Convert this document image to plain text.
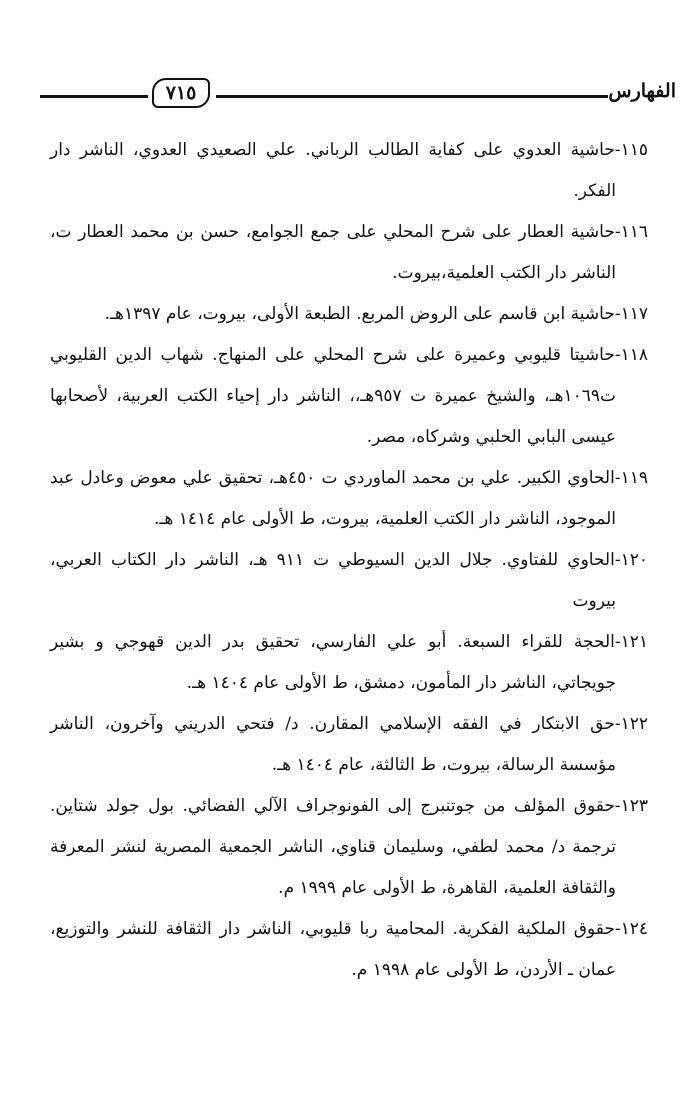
الفهارس
٧١٥
١١٥-حاشية العدوي على كفاية الطالب الرباني. علي الصعيدي العدوي، الناشر دار الفكر.
١١٦-حاشية العطار على شرح المحلي على جمع الجوامع، حسن بن محمد العطار ت، الناشر دار الكتب العلمية،بيروت.
١١٧-حاشية ابن قاسم على الروض المربع. الطبعة الأولى، بيروت، عام ١٣٩٧هـ.
١١٨-حاشيتا قليوبي وعميرة على شرح المحلي على المنهاج. شهاب الدين القليوبي ت١٠٦٩هـ، والشيخ عميرة ت ٩٥٧هـ،، الناشر دار إحياء الكتب العربية، لأصحابها عيسى البابي الحلبي وشركاه، مصر.
١١٩-الحاوي الكبير. علي بن محمد الماوردي ت ٤٥٠هـ، تحقيق علي معوض وعادل عبد الموجود، الناشر دار الكتب العلمية، بيروت، ط الأولى عام ١٤١٤ هـ.
١٢٠-الحاوي للفتاوي. جلال الدين السيوطي ت ٩١١ هـ، الناشر دار الكتاب العربي، بيروت
١٢١-الحجة للقراء السبعة. أبو علي الفارسي، تحقيق بدر الدين قهوجي و بشير جويجاتي، الناشر دار المأمون، دمشق، ط الأولى عام ١٤٠٤ هـ.
١٢٢-حق الابتكار في الفقه الإسلامي المقارن. د/ فتحي الدريني وآخرون، الناشر مؤسسة الرسالة، بيروت، ط الثالثة، عام ١٤٠٤ هـ.
١٢٣-حقوق المؤلف من جوتنبرج إلى الفونوجراف الآلي الفضائي. بول جولد شتاين. ترجمة د/ محمد لطفي، وسليمان قناوي، الناشر الجمعية المصرية لنشر المعرفة والثقافة العلمية، القاهرة، ط الأولى عام ١٩٩٩ م.
١٢٤-حقوق الملكية الفكرية. المحامية ربا قليوبي، الناشر دار الثقافة للنشر والتوزيع، عمان ـ الأردن، ط الأولى عام ١٩٩٨ م.
